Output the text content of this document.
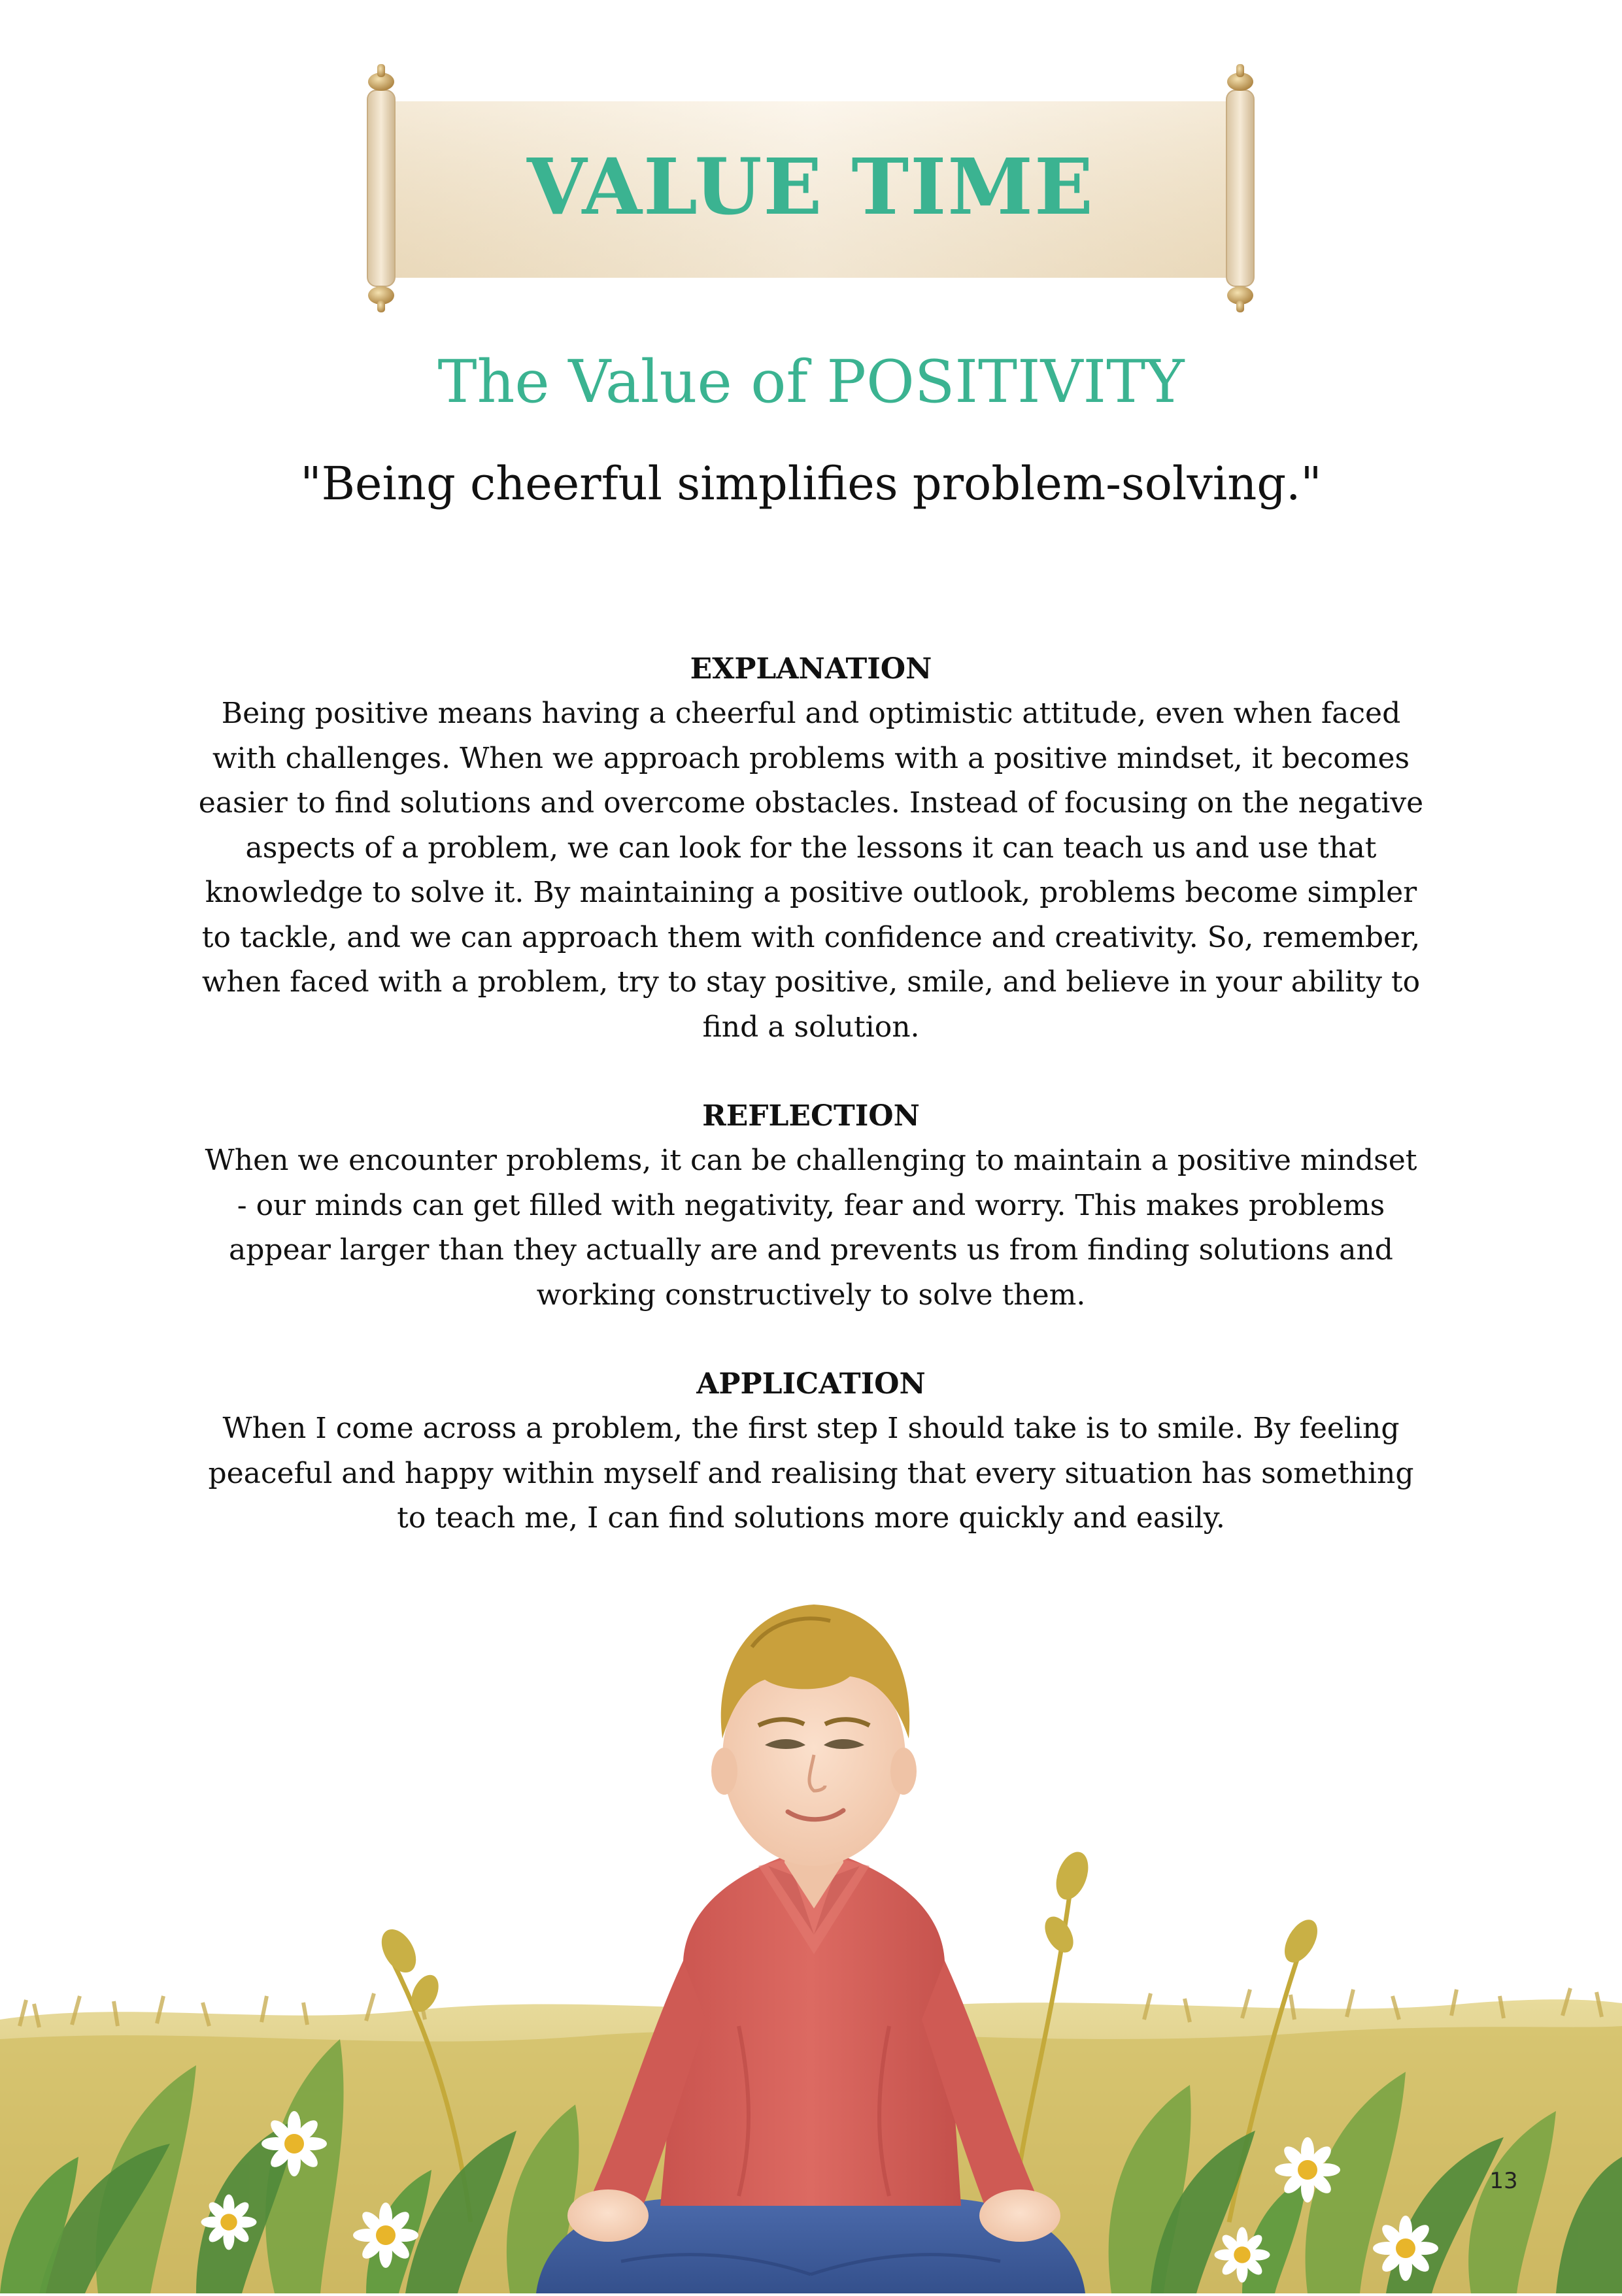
VALUE TIME
The Value of POSITIVITY

"Being cheerful simplifies problem-solving."

EXPLANATION

Being positive means having a cheerful and optimistic attitude, even when faced with challenges. When we approach problems with a positive mindset, it becomes easier to find solutions and overcome obstacles. Instead of focusing on the negative aspects of a problem, we can look for the lessons it can teach us and use that knowledge to solve it. By maintaining a positive outlook, problems become simpler to tackle, and we can approach them with confidence and creativity. So, remember, when faced with a problem, try to stay positive, smile, and believe in your ability to find a solution.

REFLECTION

When we encounter problems, it can be challenging to maintain a positive mindset - our minds can get filled with negativity, fear and worry. This makes problems appear larger than they actually are and prevents us from finding solutions and working constructively to solve them.

APPLICATION

When I come across a problem, the first step I should take is to smile. By feeling peaceful and happy within myself and realising that every situation has something to teach me, I can find solutions more quickly and easily.

13
